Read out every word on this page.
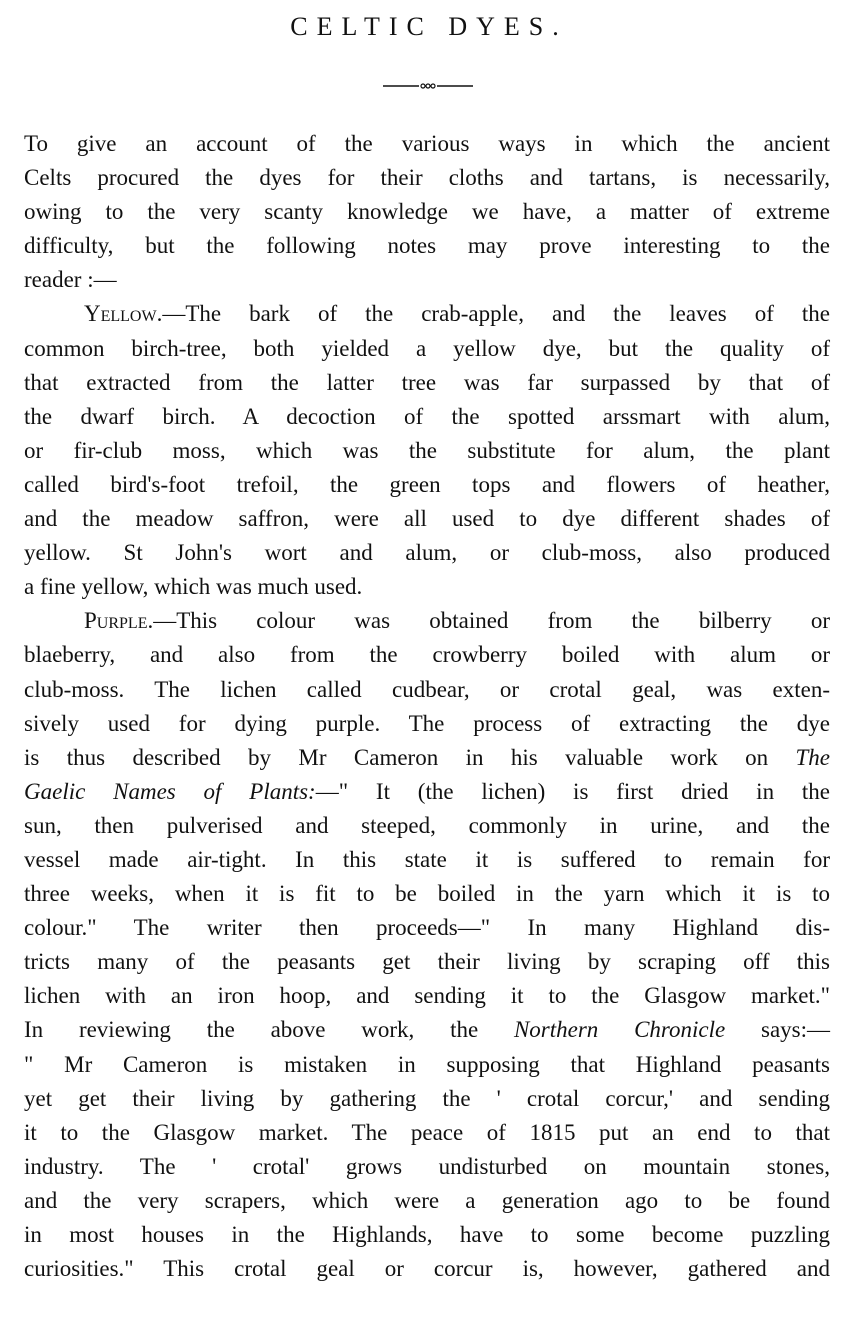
CELTIC DYES.
To give an account of the various ways in which the ancient
Celts procured the dyes for their cloths and tartans, is necessarily,
owing to the very scanty knowledge we have, a matter of extreme
difficulty, but the following notes may prove interesting to the
reader :—
Yellow.—The bark of the crab-apple, and the leaves of the
common birch-tree, both yielded a yellow dye, but the quality of
that extracted from the latter tree was far surpassed by that of
the dwarf birch. A decoction of the spotted arssmart with alum,
or fir-club moss, which was the substitute for alum, the plant
called bird's-foot trefoil, the green tops and flowers of heather,
and the meadow saffron, were all used to dye different shades of
yellow. St John's wort and alum, or club-moss, also produced
a fine yellow, which was much used.
Purple.—This colour was obtained from the bilberry or
blaeberry, and also from the crowberry boiled with alum or
club-moss. The lichen called cudbear, or crotal geal, was exten-
sively used for dying purple. The process of extracting the dye
is thus described by Mr Cameron in his valuable work on The
Gaelic Names of Plants:—" It (the lichen) is first dried in the
sun, then pulverised and steeped, commonly in urine, and the
vessel made air-tight. In this state it is suffered to remain for
three weeks, when it is fit to be boiled in the yarn which it is to
colour." The writer then proceeds—" In many Highland dis-
tricts many of the peasants get their living by scraping off this
lichen with an iron hoop, and sending it to the Glasgow market."
In reviewing the above work, the Northern Chronicle says:—
" Mr Cameron is mistaken in supposing that Highland peasants
yet get their living by gathering the ' crotal corcur,' and sending
it to the Glasgow market. The peace of 1815 put an end to that
industry. The ' crotal' grows undisturbed on mountain stones,
and the very scrapers, which were a generation ago to be found
in most houses in the Highlands, have to some become puzzling
curiosities." This crotal geal or corcur is, however, gathered and
